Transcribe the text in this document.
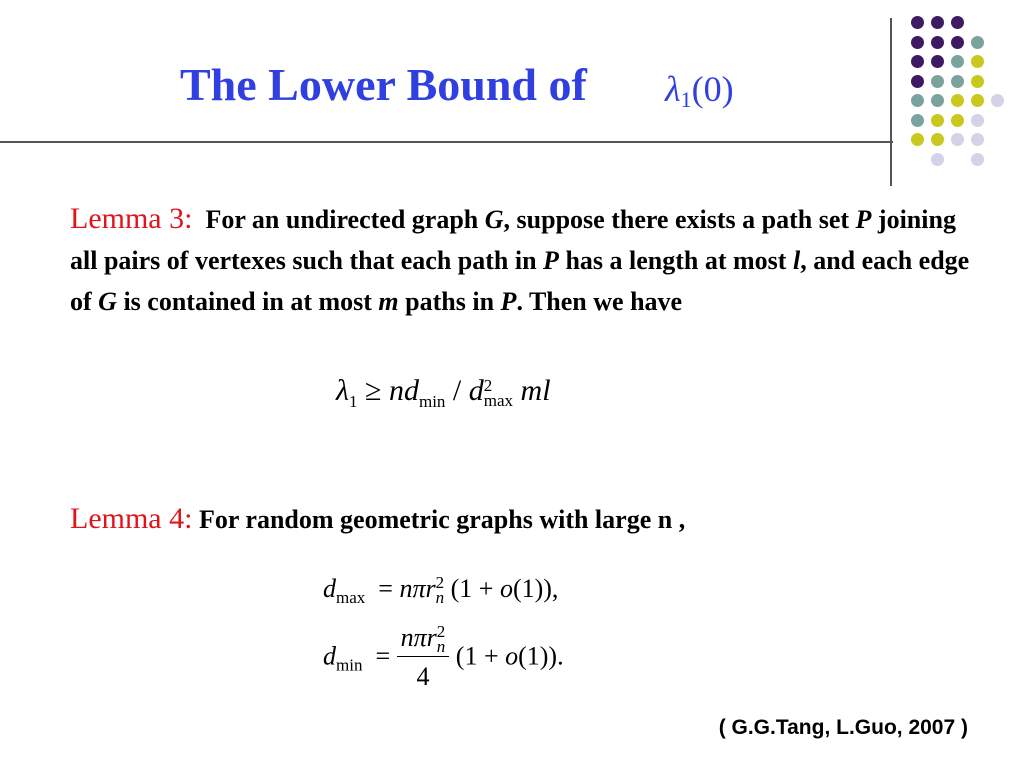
The Lower Bound of $\lambda_1(0)$
Lemma 3: For an undirected graph G, suppose there exists a path set P joining all pairs of vertexes such that each path in P has a length at most l, and each edge of G is contained in at most m paths in P. Then we have
$\lambda_1 \ge nd_{min} / d$ 2
max ml
Lemma 4: For random geometric graphs with large n ,
$d_{max} = n\pi r$ 2
n (1 + o(1)),
$d_{min} = n\pi r$ 2
n
4 (1 + o(1)).
( G.G.Tang, L.Guo, 2007 )
